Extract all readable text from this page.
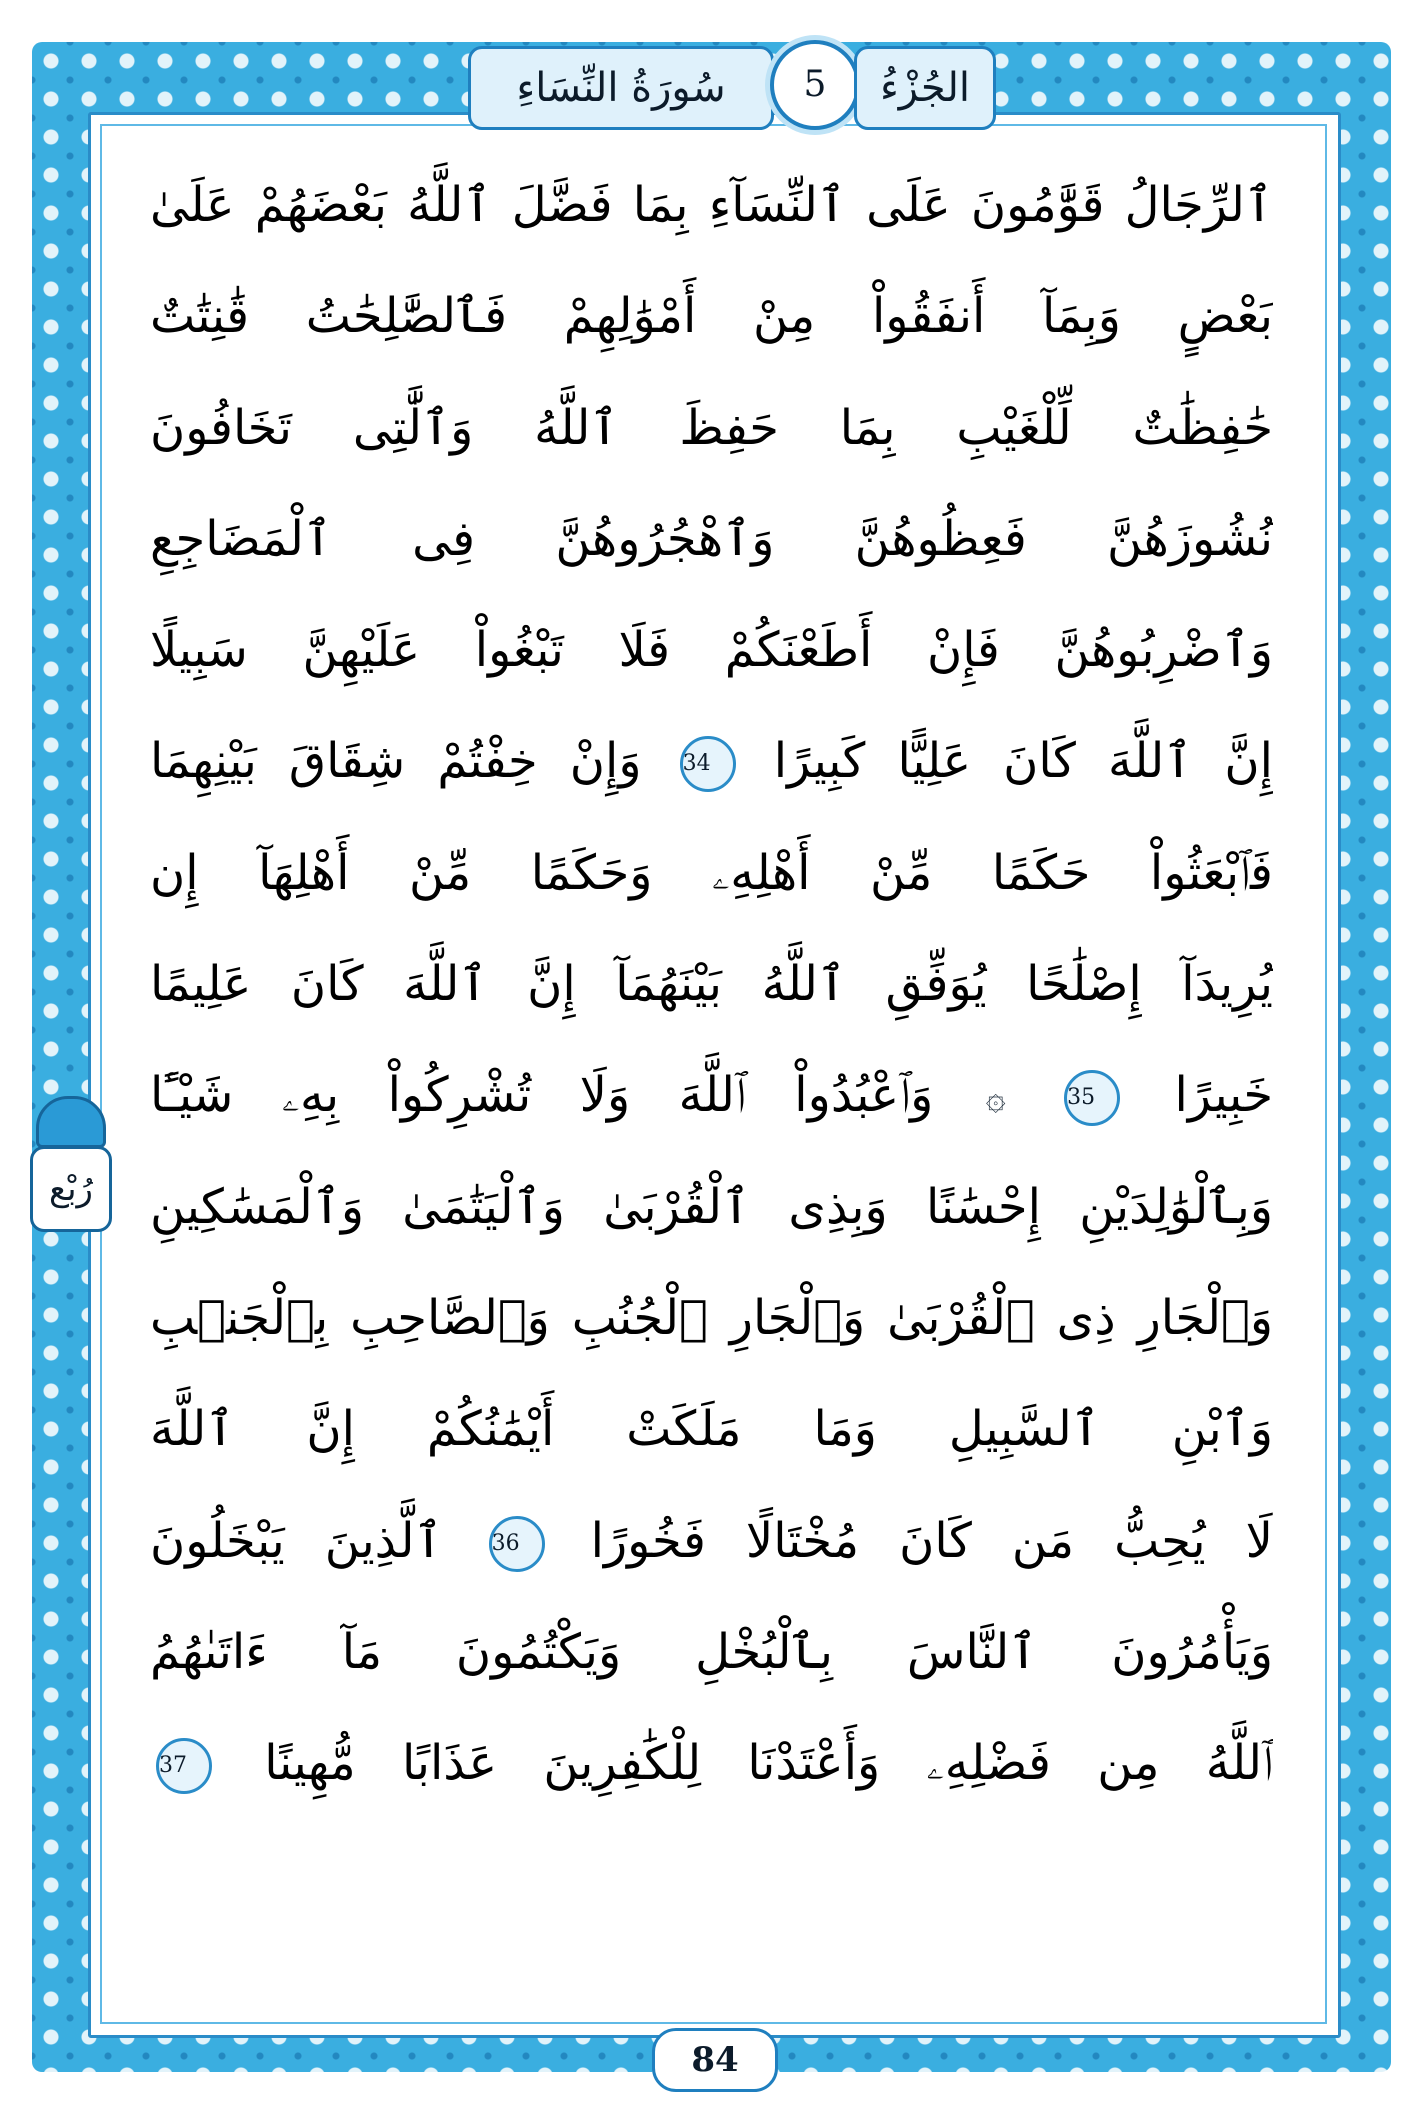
سُورَةُ النِّسَاءِ	5	الجُزْءُ
رُبْع
ٱلرِّجَالُ قَوَّٰمُونَ عَلَى ٱلنِّسَآءِ بِمَا فَضَّلَ ٱللَّهُ بَعْضَهُمْ عَلَىٰ
بَعْضٍ وَبِمَآ أَنفَقُواْ مِنْ أَمْوَٰلِهِمْ فَٱلصَّٰلِحَٰتُ قَٰنِتَٰتٌ
حَٰفِظَٰتٌ لِّلْغَيْبِ بِمَا حَفِظَ ٱللَّهُ وَٱلَّٰتِى تَخَافُونَ
نُشُوزَهُنَّ فَعِظُوهُنَّ وَٱهْجُرُوهُنَّ فِى ٱلْمَضَاجِعِ
وَٱضْرِبُوهُنَّ فَإِنْ أَطَعْنَكُمْ فَلَا تَبْغُواْ عَلَيْهِنَّ سَبِيلًا
إِنَّ ٱللَّهَ كَانَ عَلِيًّا كَبِيرًا 34 وَإِنْ خِفْتُمْ شِقَاقَ بَيْنِهِمَا
فَٱبْعَثُواْ حَكَمًا مِّنْ أَهْلِهِۦ وَحَكَمًا مِّنْ أَهْلِهَآ إِن
يُرِيدَآ إِصْلَٰحًا يُوَفِّقِ ٱللَّهُ بَيْنَهُمَآ إِنَّ ٱللَّهَ كَانَ عَلِيمًا
خَبِيرًا 35 ۞ وَٱعْبُدُواْ ٱللَّهَ وَلَا تُشْرِكُواْ بِهِۦ شَيْـًٔا
وَبِٱلْوَٰلِدَيْنِ إِحْسَٰنًا وَبِذِى ٱلْقُرْبَىٰ وَٱلْيَتَٰمَىٰ وَٱلْمَسَٰكِينِ
وَٱلْجَارِ ذِى ٱلْقُرْبَىٰ وَٱلْجَارِ ٱلْجُنُبِ وَٱلصَّاحِبِ بِٱلْجَنۢبِ
وَٱبْنِ ٱلسَّبِيلِ وَمَا مَلَكَتْ أَيْمَٰنُكُمْ إِنَّ ٱللَّهَ
لَا يُحِبُّ مَن كَانَ مُخْتَالًا فَخُورًا 36 ٱلَّذِينَ يَبْخَلُونَ
وَيَأْمُرُونَ ٱلنَّاسَ بِٱلْبُخْلِ وَيَكْتُمُونَ مَآ ءَاتَىٰهُمُ
ٱللَّهُ مِن فَضْلِهِۦ وَأَعْتَدْنَا لِلْكَٰفِرِينَ عَذَابًا مُّهِينًا 37
84
